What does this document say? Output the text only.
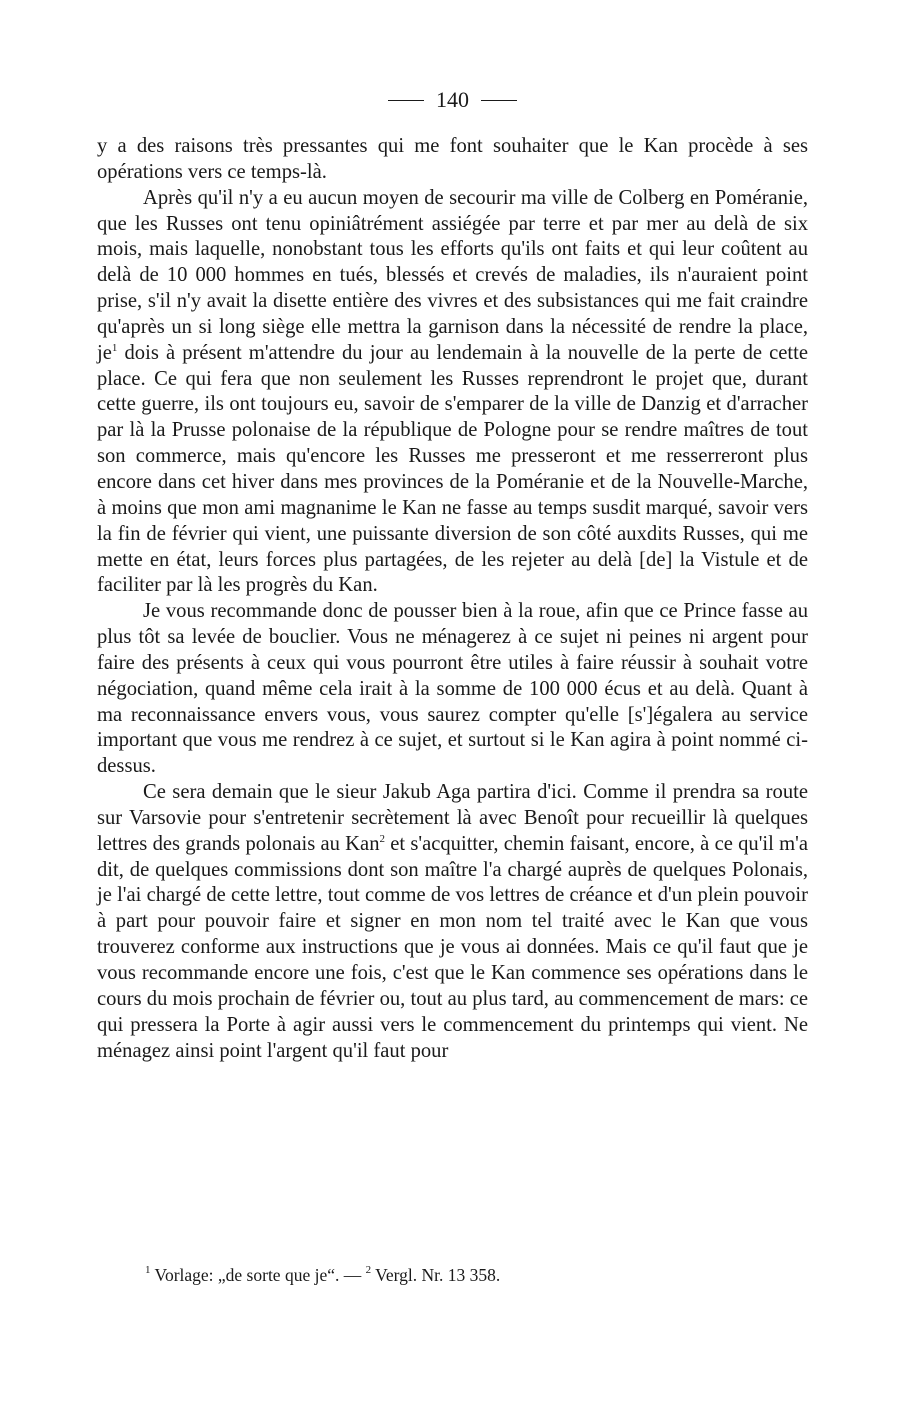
140

y a des raisons très pressantes qui me font souhaiter que le Kan procède à ses opérations vers ce temps-là.

Après qu'il n'y a eu aucun moyen de secourir ma ville de Colberg en Poméranie, que les Russes ont tenu opiniâtrément assiégée par terre et par mer au delà de six mois, mais laquelle, nonobstant tous les efforts qu'ils ont faits et qui leur coûtent au delà de 10 000 hommes en tués, blessés et crevés de maladies, ils n'auraient point prise, s'il n'y avait la disette entière des vivres et des subsistances qui me fait craindre qu'après un si long siège elle mettra la garnison dans la nécessité de rendre la place, $je^1$ dois à présent m'attendre du jour au lendemain à la nouvelle de la perte de cette place. Ce qui fera que non seulement les Russes reprendront le projet que, durant cette guerre, ils ont toujours eu, savoir de s'emparer de la ville de Danzig et d'arracher par là la Prusse polonaise de la république de Pologne pour se rendre maîtres de tout son commerce, mais qu'encore les Russes me presseront et me resserreront plus encore dans cet hiver dans mes provinces de la Poméranie et de la Nouvelle-Marche, à moins que mon ami magnanime le Kan ne fasse au temps susdit marqué, savoir vers la fin de février qui vient, une puissante diversion de son côté auxdits Russes, qui me mette en état, leurs forces plus partagées, de les rejeter au delà [de] la Vistule et de faciliter par là les progrès du Kan.

Je vous recommande donc de pousser bien à la roue, afin que ce Prince fasse au plus tôt sa levée de bouclier. Vous ne ménagerez à ce sujet ni peines ni argent pour faire des présents à ceux qui vous pourront être utiles à faire réussir à souhait votre négociation, quand même cela irait à la somme de 100 000 écus et au delà. Quant à ma reconnaissance envers vous, vous saurez compter qu'elle [s']égalera au service important que vous me rendrez à ce sujet, et surtout si le Kan agira à point nommé ci-dessus.

Ce sera demain que le sieur Jakub Aga partira d'ici. Comme il prendra sa route sur Varsovie pour s'entretenir secrètement là avec Benoît pour recueillir là quelques lettres des grands polonais au Kan$^2$ et s'acquitter, chemin faisant, encore, à ce qu'il m'a dit, de quelques commissions dont son maître l'a chargé auprès de quelques Polonais, je l'ai chargé de cette lettre, tout comme de vos lettres de créance et d'un plein pouvoir à part pour pouvoir faire et signer en mon nom tel traité avec le Kan que vous trouverez conforme aux instructions que je vous ai données. Mais ce qu'il faut que je vous recommande encore une fois, c'est que le Kan commence ses opérations dans le cours du mois prochain de février ou, tout au plus tard, au commencement de mars: ce qui pressera la Porte à agir aussi vers le commencement du printemps qui vient. Ne ménagez ainsi point l'argent qu'il faut pour

$^1$ Vorlage: „de sorte que je“. — $^2$ Vergl. Nr. 13 358.
